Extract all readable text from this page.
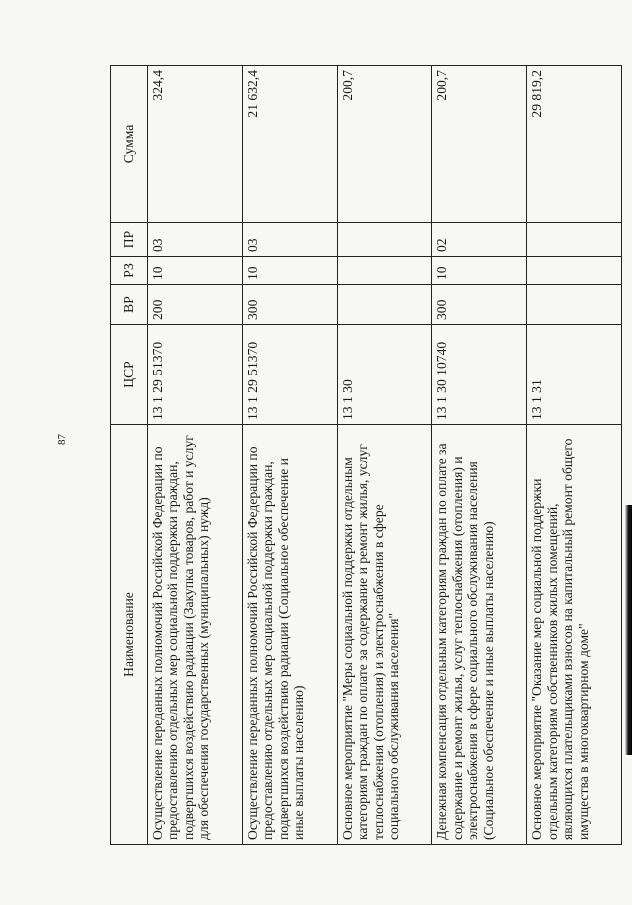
87
Наименование	ЦСР	ВР	РЗ	ПР	Сумма
Осуществление переданных полномочий Российской Федерации по предоставлению отдельных мер социальной поддержки граждан, подвергшихся воздействию радиации (Закупка товаров, работ и услуг для обеспечения государственных (муниципальных) нужд)	13 1 29 51370	200	10	03	324,4
Осуществление переданных полномочий Российской Федерации по предоставлению отдельных мер социальной поддержки граждан, подвергшихся воздействию радиации (Социальное обеспечение и иные выплаты населению)	13 1 29 51370	300	10	03	21 632,4
Основное мероприятие "Меры социальной поддержки отдельным категориям граждан по оплате за содержание и ремонт жилья, услуг теплоснабжения (отопления) и электроснабжения в сфере социального обслуживания населения"	13 1 30				200,7
Денежная компенсация отдельным категориям граждан по оплате за содержание и ремонт жилья, услуг теплоснабжения (отопления) и электроснабжения в сфере социального обслуживания населения (Социальное обеспечение и иные выплаты населению)	13 1 30 10740	300	10	02	200,7
Основное мероприятие "Оказание мер социальной поддержки отдельным категориям собственников жилых помещений, являющихся плательщиками взносов на капитальный ремонт общего имущества в многоквартирном доме"	13 1 31				29 819,2
